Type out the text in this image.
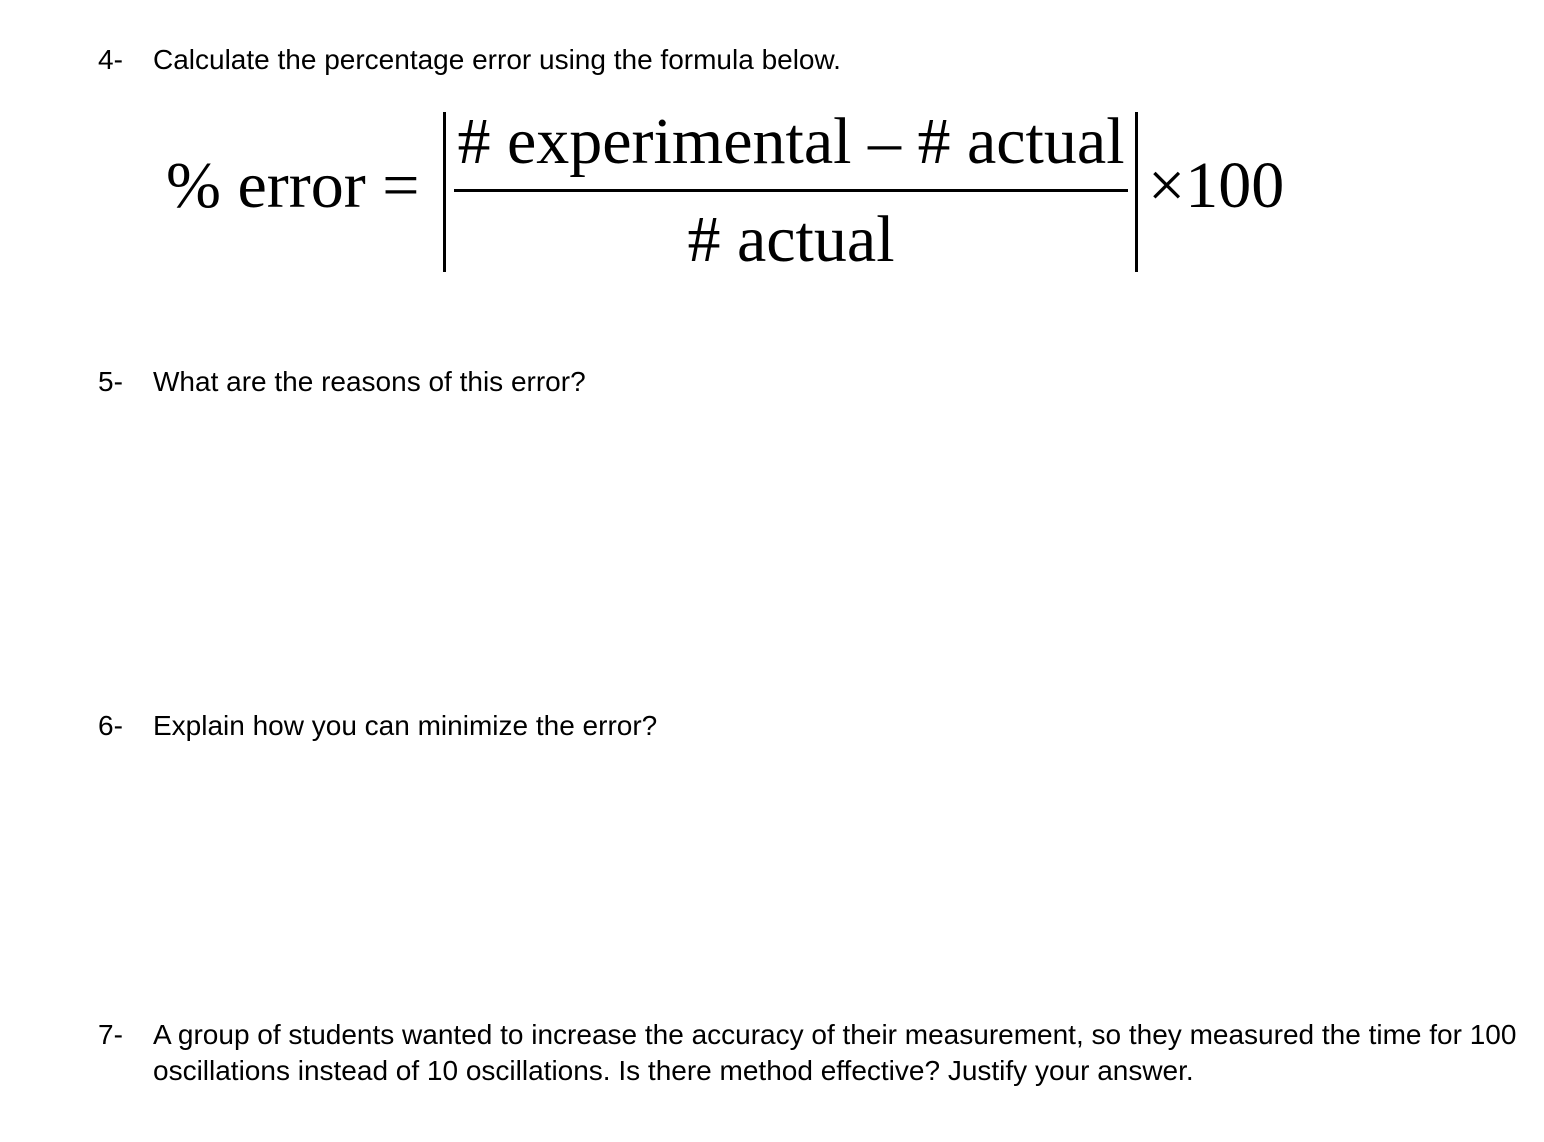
4-	Calculate the percentage error using the formula below.
% error =
# experimental – # actual
# actual
×100
5-	What are the reasons of this error?
6-	Explain how you can minimize the error?
7-	A group of students wanted to increase the accuracy of their measurement, so they measured the time for 100 oscillations instead of 10 oscillations. Is there method effective? Justify your answer.
